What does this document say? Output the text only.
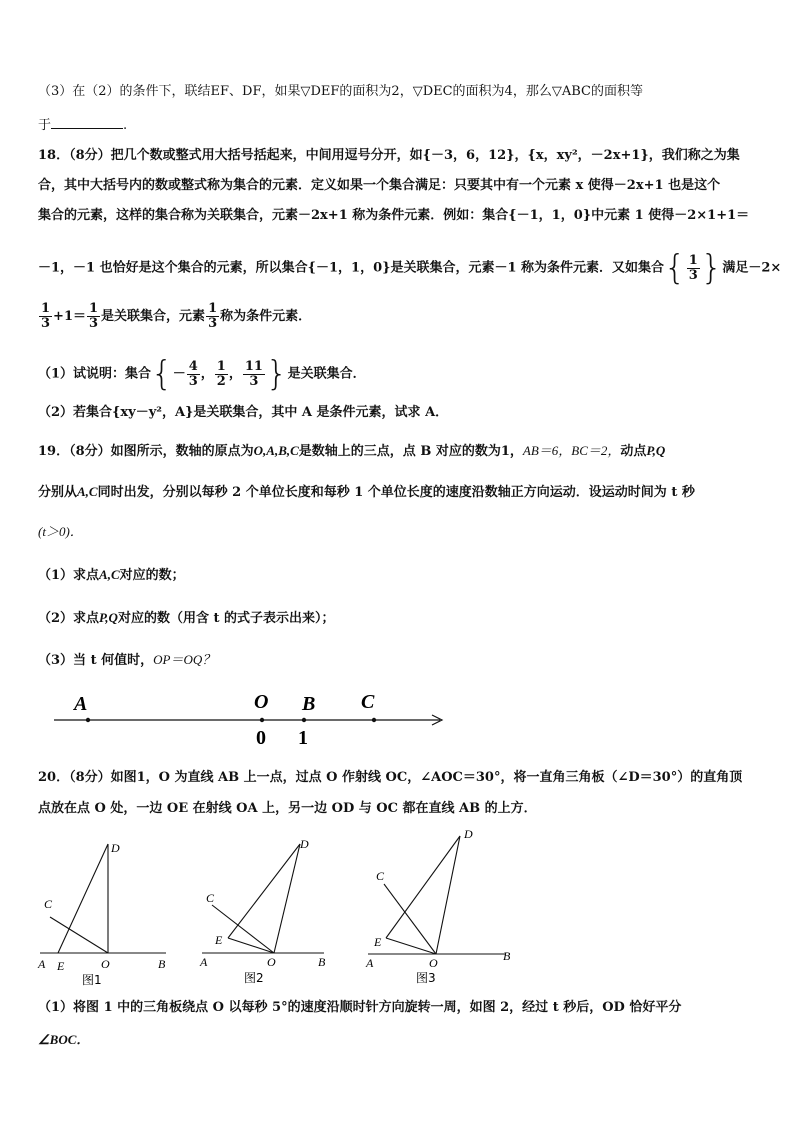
（3）在（2）的条件下，联结EF、DF，如果▽DEF的面积为2，▽DEC的面积为4，那么▽ABC的面积等
于	.
18．（8分）把几个数或整式用大括号括起来，中间用逗号分开，如{－3，6，12}，{x，xy²，－2x+1}，我们称之为集
合，其中大括号内的数或整式称为集合的元素．定义如果一个集合满足：只要其中有一个元素 x 使得－2x+1 也是这个
集合的元素，这样的集合称为关联集合，元素－2x+1 称为条件元素．例如：集合{－1，1，0}中元素 1 使得－2×1+1＝
－1，－1 也恰好是这个集合的元素，所以集合{－1，1，0}是关联集合，元素－1 称为条件元素．又如集合{ $\frac{1}{3}$ }满足－2×
$\frac{1}{3} +1= \frac{1}{3}$ 是关联集合，元素 $\frac{1}{3}$ 称为条件元素．
（1）试说明：集合{－ $\frac{4}{3}$ ， $\frac{1}{2}$ ， $\frac{11}{3}$ }是关联集合．
（2）若集合{xy－y²，A}是关联集合，其中 A 是条件元素，试求 A．
19．（8分）如图所示，数轴的原点为O,A,B,C是数轴上的三点，点 B 对应的数为1，AB＝6，BC＝2，动点P,Q
分别从A,C同时出发，分别以每秒 2 个单位长度和每秒 1 个单位长度的速度沿数轴正方向运动．设运动时间为 t 秒
(t＞0)．
（1）求点A,C对应的数；
（2）求点P,Q对应的数（用含 t 的式子表示出来）；
（3）当 t 何值时，OP＝OQ？
A	O B C
0 1
20．（8分）如图1，O 为直线 AB 上一点，过点 O 作射线 OC，∠AOC＝30°，将一直角三角板（∠D＝30°）的直角顶
点放在点 O 处，一边 OE 在射线 OA 上，另一边 OD 与 OC 都在直线 AB 的上方．
A E	O	B
C
D
图1
A
E
O	B
C
D
图2
A
E
O	B
C
D
图3
（1）将图 1 中的三角板绕点 O 以每秒 5°的速度沿顺时针方向旋转一周，如图 2，经过 t 秒后，OD 恰好平分
∠BOC．
